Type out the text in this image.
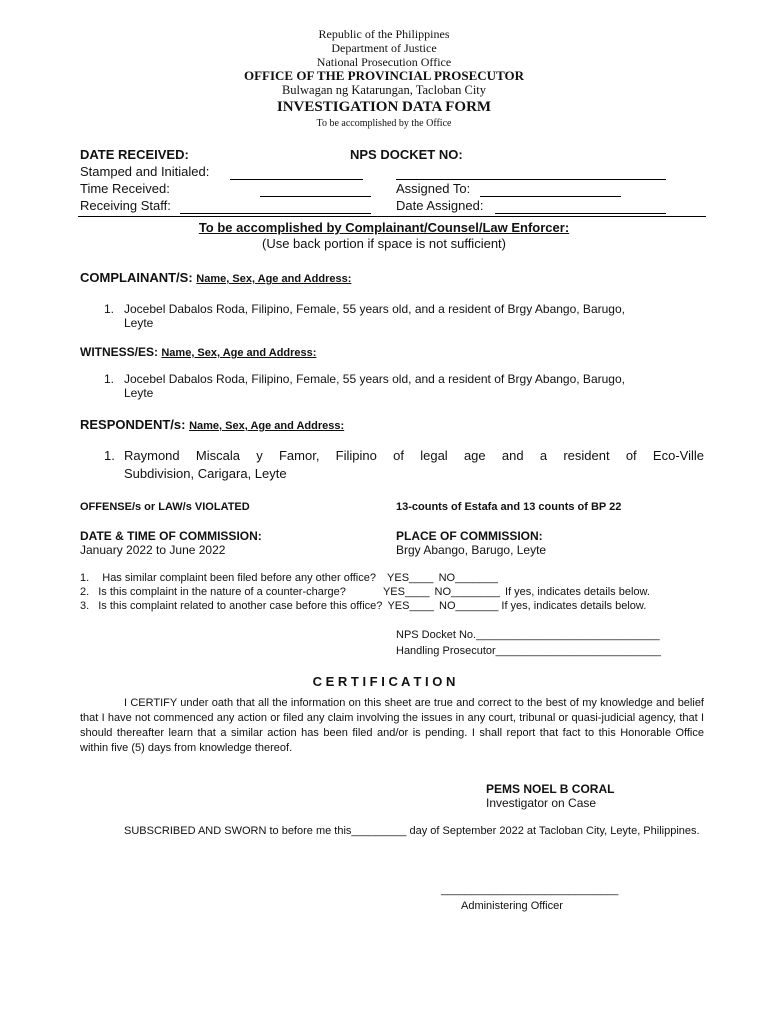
Republic of the Philippines
Department of Justice
National Prosecution Office
OFFICE OF THE PROVINCIAL PROSECUTOR
Bulwagan ng Katarungan, Tacloban City
INVESTIGATION DATA FORM
To be accomplished by the Office
DATE RECEIVED:	NPS DOCKET NO:
Stamped and Initialed:
Time Received:	Assigned To:
Receiving Staff:	Date Assigned:
To be accomplished by Complainant/Counsel/Law Enforcer:
(Use back portion if space is not sufficient)
COMPLAINANT/S: Name, Sex, Age and Address:
1. Jocebel Dabalos Roda, Filipino, Female, 55 years old, and a resident of Brgy Abango, Barugo,
Leyte
WITNESS/ES: Name, Sex, Age and Address:
1. Jocebel Dabalos Roda, Filipino, Female, 55 years old, and a resident of Brgy Abango, Barugo,
Leyte
RESPONDENT/s: Name, Sex, Age and Address:
1. Raymond Miscala y Famor, Filipino of legal age and a resident of Eco-Ville
Subdivision, Carigara, Leyte
OFFENSE/s or LAW/s VIOLATED	13-counts of Estafa and 13 counts of BP 22
DATE & TIME OF COMMISSION:
January 2022 to June 2022
PLACE OF COMMISSION:
Brgy Abango, Barugo, Leyte
1. Has similar complaint been filed before any other office? YES____ NO_______
2. Is this complaint in the nature of a counter-charge?	YES____ NO________ If yes, indicates details below.
3. Is this complaint related to another case before this office? YES____ NO_______ If yes, indicates details below.
NPS Docket No.______________________________
Handling Prosecutor___________________________
C E R T I F I C A T I O N
I CERTIFY under oath that all the information on this sheet are true and correct to the best of my knowledge and belief that I have not commenced any action or filed any claim involving the issues in any court, tribunal or quasi-judicial agency, that I should thereafter learn that a similar action has been filed and/or is pending. I shall report that fact to this Honorable Office within five (5) days from knowledge thereof.
PEMS NOEL B CORAL
Investigator on Case
SUBSCRIBED AND SWORN to before me this_________ day of September 2022 at Tacloban City, Leyte, Philippines.
_____________________________
Administering Officer
